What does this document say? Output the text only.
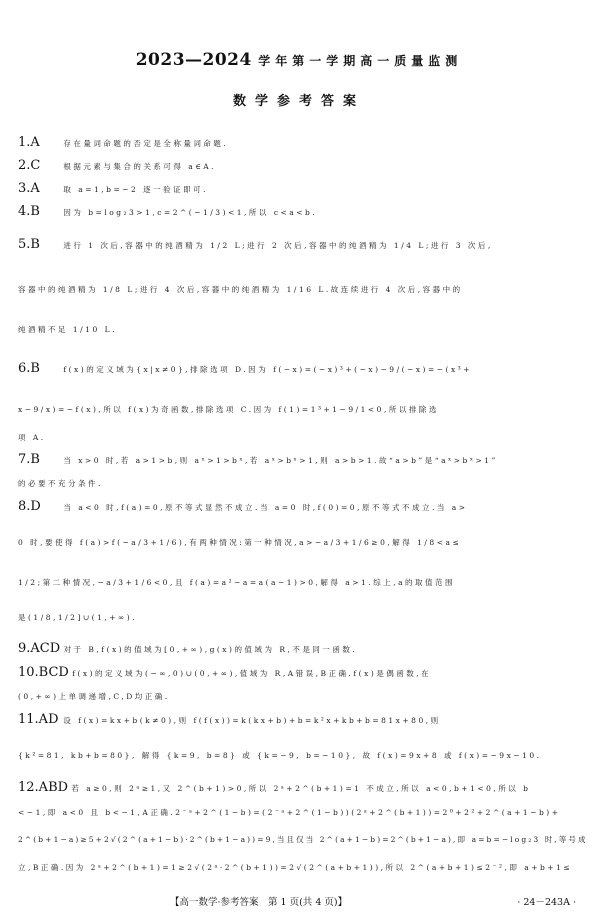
2023—2024 学年第一学期高一质量监测
数学参考答案
1.A	存在量词命题的否定是全称量词命题.
2.C	根据元素与集合的关系可得 a∈A.
3.A	取 a=1,b=−2 逐一验证即可.
4.B	因为 b=log₂3>1,c=2^(−1/3)<1,所以 c<a<b.
5.B	进行 1 次后,容器中的纯酒精为 1/2 L;进行 2 次后,容器中的纯酒精为 1/4 L;进行 3 次后,
容器中的纯酒精为 1/8 L;进行 4 次后,容器中的纯酒精为 1/16 L.故连续进行 4 次后,容器中的
纯酒精不足 1/10 L.
6.B	f(x)的定义域为{x|x≠0},排除选项 D.因为 f(−x)=(−x)³+(−x)−9/(−x)=−(x³+
x−9/x)=−f(x),所以 f(x)为奇函数,排除选项 C.因为 f(1)=1³+1−9/1<0,所以排除选
项 A.
7.B	当 x>0 时,若 a>1>b,则 aˣ>1>bˣ,若 aˣ>bˣ>1,则 a>b>1.故“a>b”是“aˣ>bˣ>1”
的必要不充分条件.
8.D	当 a<0 时,f(a)=0,原不等式显然不成立.当 a=0 时,f(0)=0,原不等式不成立.当 a>
0 时,要使得 f(a)>f(−a/3+1/6),有两种情况:第一种情况,a>−a/3+1/6≥0,解得 1/8<a≤
1/2;第二种情况,−a/3+1/6<0,且 f(a)=a²−a=a(a−1)>0,解得 a>1.综上,a的取值范围
是(1/8,1/2]∪(1,+∞).
9.ACD 对于 B,f(x)的值域为[0,+∞),g(x)的值域为 R,不是同一函数.
10.BCD f(x)的定义域为(−∞,0)∪(0,+∞),值域为 R,A错误,B正确.f(x)是偶函数,在
(0,+∞)上单调递增,C,D均正确.
11.AD 设 f(x)=kx+b(k≠0),则 f(f(x))=k(kx+b)+b=k²x+kb+b=81x+80,则
{k²=81, kb+b=80}, 解得 {k=9, b=8} 或 {k=−9, b=−10}, 故 f(x)=9x+8 或 f(x)=−9x−10.
12.ABD 若 a≥0,则 2ᵃ≥1,又 2^(b+1)>0,所以 2ᵃ+2^(b+1)=1 不成立,所以 a<0,b+1<0,所以 b
<−1,即 a<0 且 b<−1,A正确.2⁻ᵃ+2^(1−b)=(2⁻ᵃ+2^(1−b))(2ᵃ+2^(b+1))=2⁰+2²+2^(a+1−b)+
2^(b+1−a)≥5+2√(2^(a+1−b)·2^(b+1−a))=9,当且仅当 2^(a+1−b)=2^(b+1−a),即 a=b=−log₂3 时,等号成
立,B正确.因为 2ᵃ+2^(b+1)=1≥2√(2ᵃ·2^(b+1))=2√(2^(a+b+1)),所以 2^(a+b+1)≤2⁻²,即 a+b+1≤
【高一数学·参考答案　第 1 页(共 4 页)】	· 24－243A ·
